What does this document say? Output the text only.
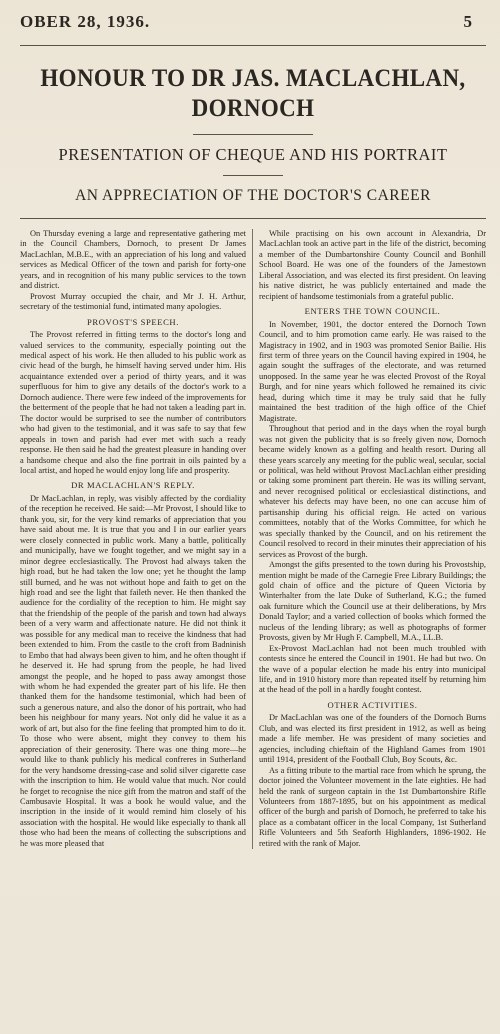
OBER 28, 1936.	5
HONOUR TO DR JAS. MACLACHLAN, DORNOCH
PRESENTATION OF CHEQUE AND HIS PORTRAIT
AN APPRECIATION OF THE DOCTOR'S CAREER

On Thursday evening a large and representative gathering met in the Council Chambers, Dornoch, to present Dr James MacLachlan, M.B.E., with an appreciation of his long and valued services as Medical Officer of the town and parish for forty-one years, and in recognition of his many public services to the town and district.

Provost Murray occupied the chair, and Mr J. H. Arthur, secretary of the testimonial fund, intimated many apologies.

PROVOST'S SPEECH.

The Provost referred in fitting terms to the doctor's long and valued services to the community, especially pointing out the medical aspect of his work. He then alluded to his public work as civic head of the burgh, he himself having served under him. His acquaintance extended over a period of thirty years, and it was superfluous for him to give any details of the doctor's work to a Dornoch audience. There were few indeed of the improvements for the betterment of the people that he had not taken a leading part in. The doctor would be surprised to see the number of contributors who had given to the testimonial, and it was safe to say that few appeals in town and parish had ever met with such a ready response. He then said he had the greatest pleasure in handing over a handsome cheque and also the fine portrait in oils painted by a local artist, and hoped he would enjoy long life and prosperity.

DR MACLACHLAN'S REPLY.

Dr MacLachlan, in reply, was visibly affected by the cordiality of the reception he received. He said:—Mr Provost, I should like to thank you, sir, for the very kind remarks of appreciation that you have said about me. It is true that you and I in our earlier years were closely connected in public work. Many a battle, politically and municipally, have we fought together, and we might say in a minor degree ecclesiastically. The Provost had always taken the high road, but he had taken the low one; yet he thought the lamp still burned, and he was not without hope and faith to get on the high road and see the light that faileth never. He then thanked the audience for the cordiality of the reception to him. He might say that the friendship of the people of the parish and town had always been of a very warm and affectionate nature. He did not think it was possible for any medical man to receive the kindness that had been extended to him. From the castle to the croft from Badninish to Embo that had always been given to him, and he often thought if he deserved it. He had sprung from the people, he had lived amongst the people, and he hoped to pass away amongst those with whom he had expended the greater part of his life. He then thanked them for the handsome testimonial, which had been of such a generous nature, and also the donor of his portrait, who had been his neighbour for many years. Not only did he value it as a work of art, but also for the fine feeling that prompted him to do it. To those who were absent, might they convey to them his appreciation of their generosity. There was one thing more—he would like to thank publicly his medical confreres in Sutherland for the very handsome dressing-case and solid silver cigarette case with the inscription to him. He would value that much. Nor could he forget to recognise the nice gift from the matron and staff of the Cambusavie Hospital. It was a book he would value, and the inscription in the inside of it would remind him closely of his association with the hospital. He would like especially to thank all those who had been the means of collecting the subscriptions and he was more pleased that

While practising on his own account in Alexandria, Dr MacLachlan took an active part in the life of the district, becoming a member of the Dumbartonshire County Council and Bonhill School Board. He was one of the founders of the Jamestown Liberal Association, and was elected its first president. On leaving his native district, he was publicly entertained and made the recipient of handsome testimonials from a grateful public.

ENTERS THE TOWN COUNCIL.

In November, 1901, the doctor entered the Dornoch Town Council, and to him promotion came early. He was raised to the Magistracy in 1902, and in 1903 was promoted Senior Bailie. His first term of three years on the Council having expired in 1904, he again sought the suffrages of the electorate, and was returned unopposed. In the same year he was elected Provost of the Royal Burgh, and for nine years which followed he remained its civic head, during which time it may be truly said that he fully maintained the best tradition of the high office of the Chief Magistrate.

Throughout that period and in the days when the royal burgh was not given the publicity that is so freely given now, Dornoch became widely known as a golfing and health resort. During all these years scarcely any meeting for the public weal, secular, social or political, was held without Provost MacLachlan either presiding or taking some prominent part therein. He was its willing servant, and never recognised political or ecclesiastical distinctions, and whatever his defects may have been, no one can accuse him of partisanship during his official reign. He acted on various committees, notably that of the Works Committee, for which he was specially thanked by the Council, and on his retirement the Council resolved to record in their minutes their appreciation of his services as Provost of the burgh.

Amongst the gifts presented to the town during his Provostship, mention might be made of the Carnegie Free Library Buildings; the gold chain of office and the picture of Queen Victoria by Winterhalter from the late Duke of Sutherland, K.G.; the fumed oak furniture which the Council use at their deliberations, by Mrs Donald Taylor; and a varied collection of books which formed the nucleus of the lending library; as well as photographs of former Provosts, given by Mr Hugh F. Campbell, M.A., LL.B.

Ex-Provost MacLachlan had not been much troubled with contests since he entered the Council in 1901. He had but two. On the wave of a popular election he made his entry into municipal life, and in 1910 history more than repeated itself by returning him at the head of the poll in a hardly fought contest.

OTHER ACTIVITIES.

Dr MacLachlan was one of the founders of the Dornoch Burns Club, and was elected its first president in 1912, as well as being made a life member. He was president of many societies and agencies, including chieftain of the Highland Games from 1901 until 1914, president of the Football Club, Boy Scouts, &c.

As a fitting tribute to the martial race from which he sprung, the doctor joined the Volunteer movement in the late eighties. He had held the rank of surgeon captain in the 1st Dumbartonshire Rifle Volunteers from 1887-1895, but on his appointment as medical officer of the burgh and parish of Dornoch, he preferred to take his place as a combatant officer in the local Company, 1st Sutherland Rifle Volunteers and 5th Seaforth Highlanders, 1896-1902. He retired with the rank of Major.
